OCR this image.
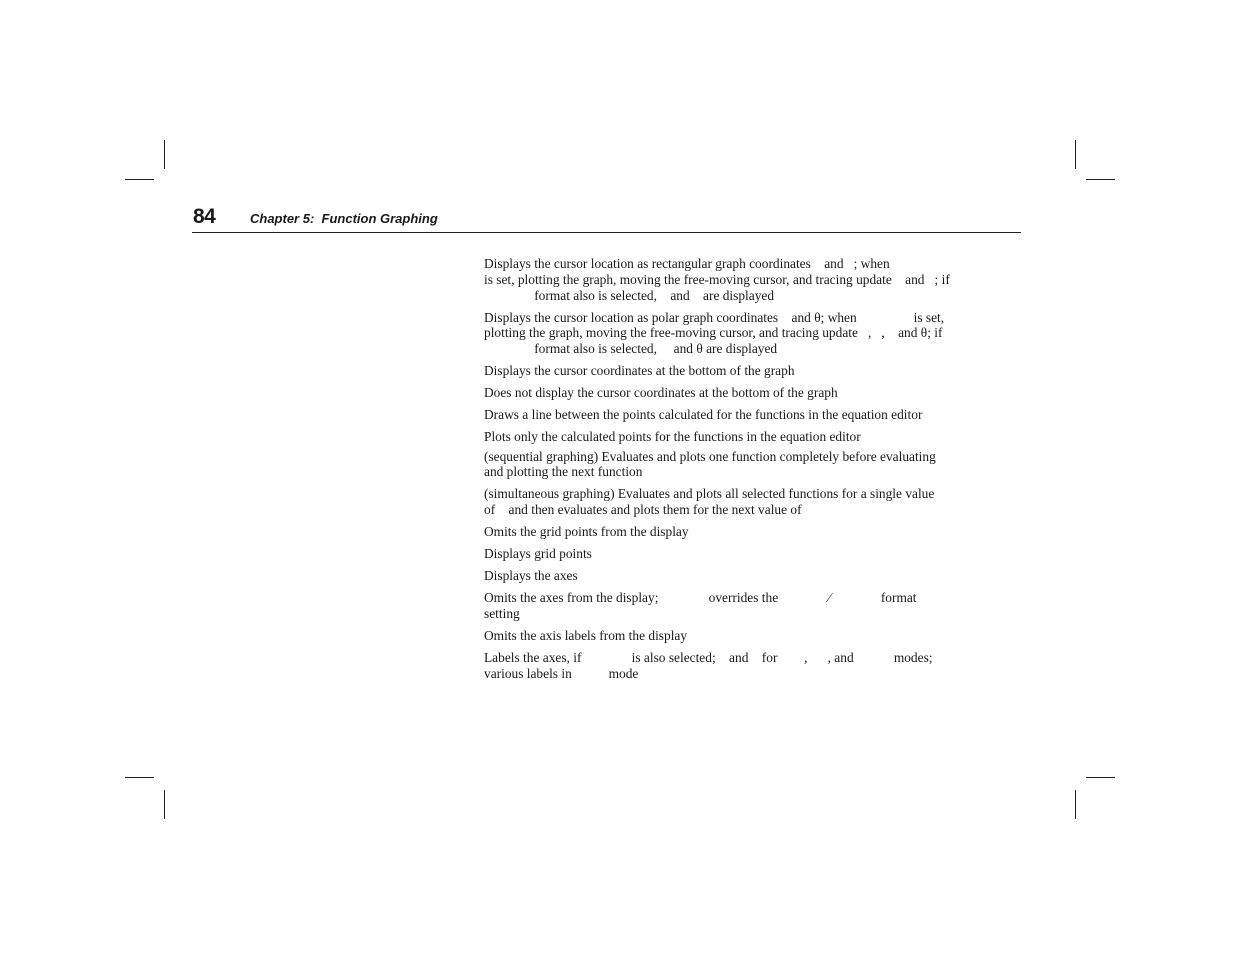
84	Chapter 5:  Function Graphing

Displays the cursor location as rectangular graph coordinates    and   ; when
is set, plotting the graph, moving the free-moving cursor, and tracing update    and   ; if
format also is selected,    and    are displayed

Displays the cursor location as polar graph coordinates    and θ; when                 is set,
plotting the graph, moving the free-moving cursor, and tracing update   ,   ,    and θ; if
format also is selected,     and θ are displayed

Displays the cursor coordinates at the bottom of the graph

Does not display the cursor coordinates at the bottom of the graph

Draws a line between the points calculated for the functions in the equation editor

Plots only the calculated points for the functions in the equation editor

(sequential graphing) Evaluates and plots one function completely before evaluating
and plotting the next function

(simultaneous graphing) Evaluates and plots all selected functions for a single value
of    and then evaluates and plots them for the next value of

Omits the grid points from the display

Displays grid points

Displays the axes

Omits the axes from the display;               overrides the               ⁄               format
setting

Omits the axis labels from the display

Labels the axes, if               is also selected;    and    for        ,      , and            modes;
various labels in           mode
